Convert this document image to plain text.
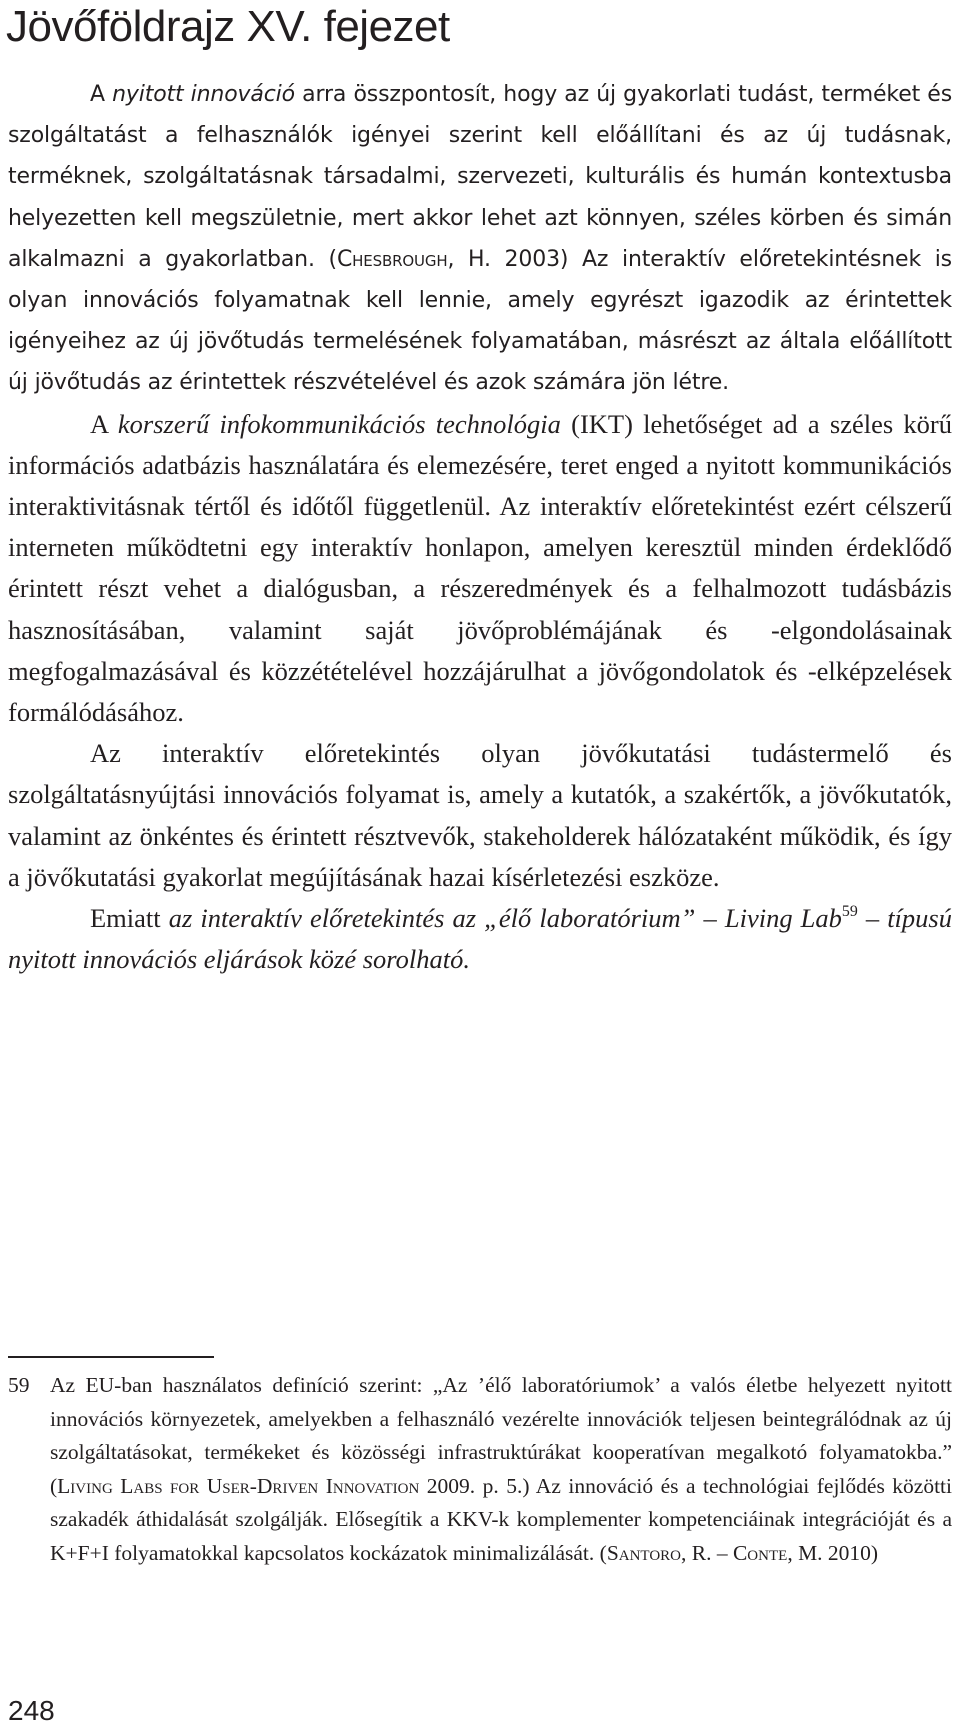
Jövőföldrajz XV. fejezet

A nyitott innováció arra összpontosít, hogy az új gyakorlati tudást, terméket és szolgáltatást a felhasználók igényei szerint kell előállítani és az új tudásnak, terméknek, szolgáltatásnak társadalmi, szervezeti, kulturális és humán kontextusba helyezetten kell megszületnie, mert akkor lehet azt könnyen, széles körben és simán alkalmazni a gyakorlatban. (Chesbrough, H. 2003) Az interaktív előretekintésnek is olyan innovációs folyamatnak kell lennie, amely egyrészt igazodik az érintettek igényeihez az új jövőtudás termelésének folyamatában, másrészt az általa előállított új jövőtudás az érintettek részvételével és azok számára jön létre.

A korszerű infokommunikációs technológia (IKT) lehetőséget ad a széles körű információs adatbázis használatára és elemezésére, teret enged a nyitott kommunikációs interaktivitásnak tértől és időtől függetlenül. Az interaktív előretekintést ezért célszerű interneten működtetni egy interaktív honlapon, amelyen keresztül minden érdeklődő érintett részt vehet a dialógusban, a részeredmények és a felhalmozott tudásbázis hasznosításában, valamint saját jövőproblémájának és -elgondolásainak megfogalmazásával és közzétételével hozzájárulhat a jövőgondolatok és -elképzelések formálódásához.

Az interaktív előretekintés olyan jövőkutatási tudástermelő és szolgáltatásnyújtási innovációs folyamat is, amely a kutatók, a szakértők, a jövőkutatók, valamint az önkéntes és érintett résztvevők, stakeholderek hálózataként működik, és így a jövőkutatási gyakorlat megújításának hazai kísérletezési eszköze.

Emiatt az interaktív előretekintés az „élő laboratórium” – Living Lab$^{59}$ – típusú nyitott innovációs eljárások közé sorolható.

59 Az EU-ban használatos definíció szerint: „Az ’élő laboratóriumok’ a valós életbe helyezett nyitott innovációs környezetek, amelyekben a felhasználó vezérelte innovációk teljesen beintegrálódnak az új szolgáltatásokat, termékeket és közösségi infrastruktúrákat kooperatívan megalkotó folyamatokba.” (Living Labs for User-Driven Innovation 2009. p. 5.) Az innováció és a technológiai fejlődés közötti szakadék áthidalását szolgálják. Elősegítik a KKV-k komplementer kompetenciáinak integrációját és a K+F+I folyamatokkal kapcsolatos kockázatok minimalizálását. (Santoro, R. – Conte, M. 2010)

248
